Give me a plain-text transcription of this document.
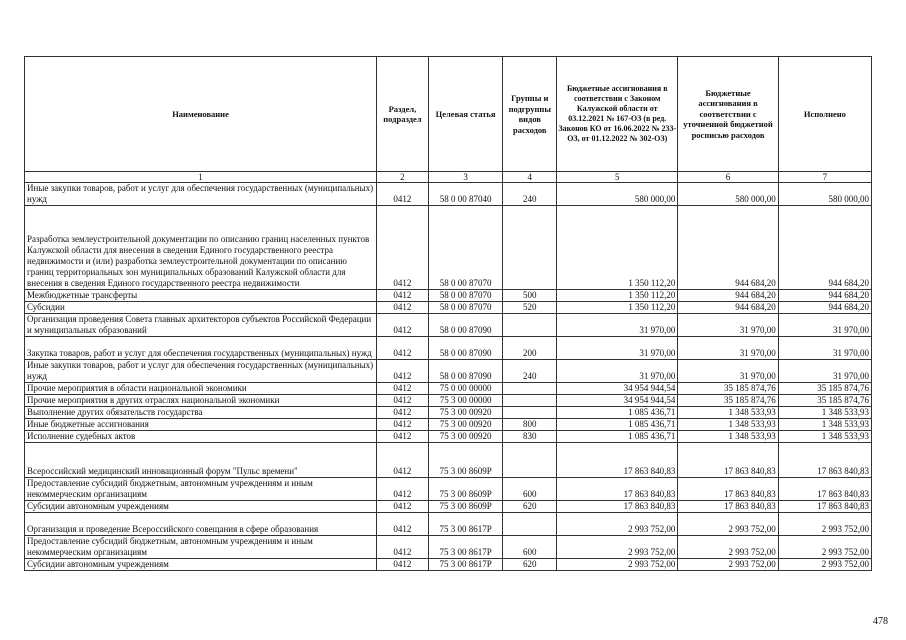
Наименование	Раздел, подраздел	Целевая статья	Группы и подгруппы видов расходов	Бюджетные ассигнования в соответствии с Законом Калужской области от 03.12.2021 № 167-ОЗ (в ред. Законов КО от 16.06.2022 № 233-ОЗ, от 01.12.2022 № 302-ОЗ)	Бюджетные ассигнования в соответствии с уточненной бюджетной росписью расходов	Исполнено
1	2	3	4	5	6	7
Иные закупки товаров, работ и услуг для обеспечения государственных (муниципальных) нужд	0412	58 0 00 87040	240	580 000,00	580 000,00	580 000,00
Разработка землеустроительной документации по описанию границ населенных пунктов Калужской области для внесения в сведения Единого государственного реестра недвижимости и (или) разработка землеустроительной документации по описанию границ территориальных зон муниципальных образований Калужской области для внесения в сведения Единого государственного реестра недвижимости	0412	58 0 00 87070		1 350 112,20	944 684,20	944 684,20
Межбюджетные трансферты	0412	58 0 00 87070	500	1 350 112,20	944 684,20	944 684,20
Субсидии	0412	58 0 00 87070	520	1 350 112,20	944 684,20	944 684,20
Организация проведения Совета главных архитекторов субъектов Российской Федерации и муниципальных образований	0412	58 0 00 87090		31 970,00	31 970,00	31 970,00
Закупка товаров, работ и услуг для обеспечения государственных (муниципальных) нужд	0412	58 0 00 87090	200	31 970,00	31 970,00	31 970,00
Иные закупки товаров, работ и услуг для обеспечения государственных (муниципальных) нужд	0412	58 0 00 87090	240	31 970,00	31 970,00	31 970,00
Прочие мероприятия в области национальной экономики	0412	75 0 00 00000		34 954 944,54	35 185 874,76	35 185 874,76
Прочие мероприятия в других отраслях национальной экономики	0412	75 3 00 00000		34 954 944,54	35 185 874,76	35 185 874,76
Выполнение других обязательств государства	0412	75 3 00 00920		1 085 436,71	1 348 533,93	1 348 533,93
Иные бюджетные ассигнования	0412	75 3 00 00920	800	1 085 436,71	1 348 533,93	1 348 533,93
Исполнение судебных актов	0412	75 3 00 00920	830	1 085 436,71	1 348 533,93	1 348 533,93
Всероссийский медицинский инновационный форум "Пульс времени"	0412	75 3 00 8609Р		17 863 840,83	17 863 840,83	17 863 840,83
Предоставление субсидий бюджетным, автономным учреждениям и иным некоммерческим организациям	0412	75 3 00 8609Р	600	17 863 840,83	17 863 840,83	17 863 840,83
Субсидии автономным учреждениям	0412	75 3 00 8609Р	620	17 863 840,83	17 863 840,83	17 863 840,83
Организация и проведение Всероссийского совещания в сфере образования	0412	75 3 00 8617Р		2 993 752,00	2 993 752,00	2 993 752,00
Предоставление субсидий бюджетным, автономным учреждениям и иным некоммерческим организациям	0412	75 3 00 8617Р	600	2 993 752,00	2 993 752,00	2 993 752,00
Субсидии автономным учреждениям	0412	75 3 00 8617Р	620	2 993 752,00	2 993 752,00	2 993 752,00
478
